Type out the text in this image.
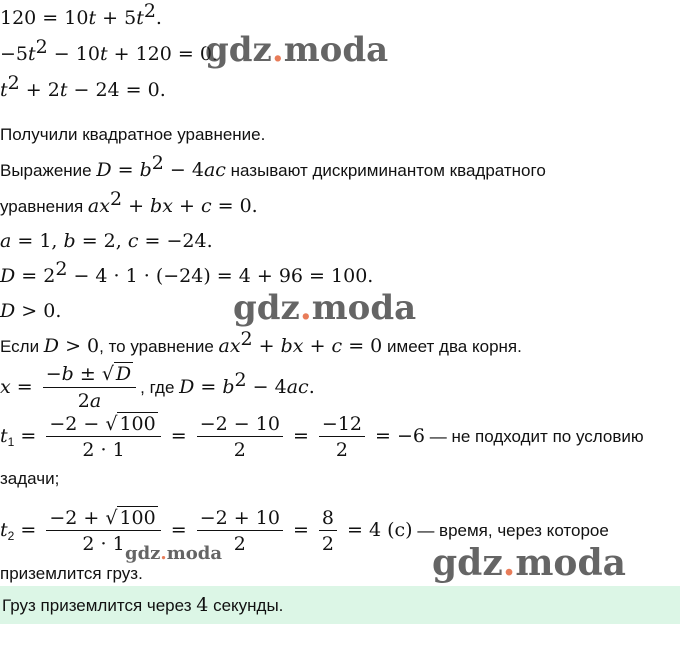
$120 = 10t + 5t^2$.
$-5t^2 - 10t + 120 = 0$.
$t^2 + 2t - 24 = 0$.
Получили квадратное уравнение.
Выражение $D = b^2 - 4ac$ называют дискриминантом квадратного
уравнения $ax^2$ + bx + c = 0.
a = 1, b = 2, c = −24.
$D = 2^2 - 4 \cdot 1 \cdot (-24) = 4 + 96 = 100$.
D > 0.
Если D > 0, то уравнение $ax^2$ + bx + c = 0 имеет два корня.
$x = \frac{-b \pm √ D}{2a}$ , где $D = b^2 - 4ac$.
$t_1 = \frac{-2 - √ 100}{2 \cdot 1} = \frac{-2 - 10}{2} = \frac{-12}{2} = -6$ — не подходит по условию
задачи;
$t_2 = \frac{-2 + √ 100}{2 \cdot 1} = \frac{-2 + 10}{2} = \frac{8}{2} = 4$ (с) — время, через которое
приземлится груз.
Груз приземлится через 4 секунды.
gdz.moda
gdz.moda
gdz.moda	gdz.moda
